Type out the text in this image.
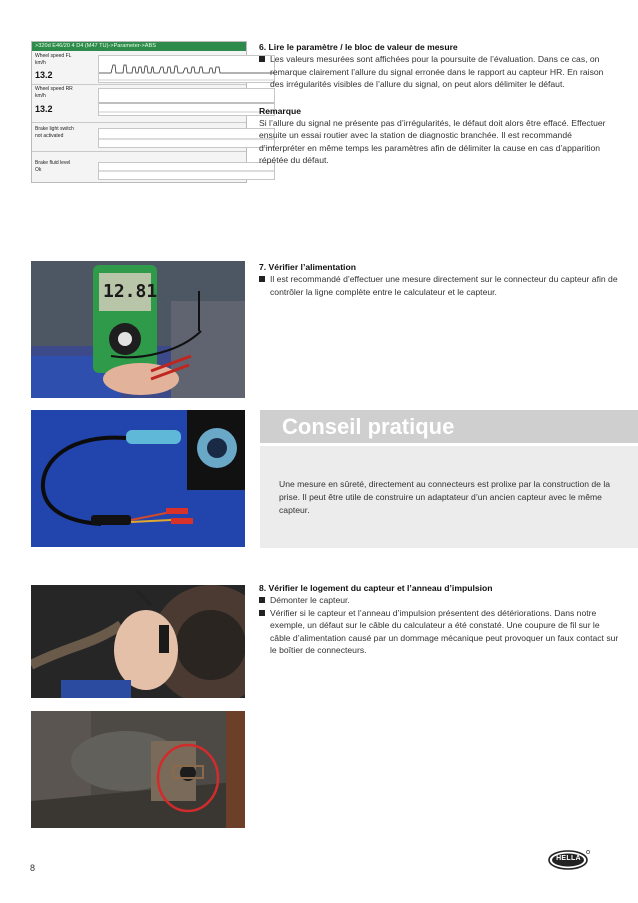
>320d E46/20 4 D4 (M47 TU)->Parameter->ABS
Wheel speed FL
km/h
13.2
Wheel speed RR
km/h
13.2
Brake light switch
not activated
Brake fluid level
Ok
6. Lire le paramètre / le bloc de valeur de mesure
Les valeurs mesurées sont affichées pour la poursuite de l’évaluation. Dans ce cas, on remarque clairement l’allure du signal erronée dans le rapport au capteur HR. En raison des irrégularités visibles de l’allure du signal, on peut alors délimiter le défaut.
Remarque
Si l’allure du signal ne présente pas d’irrégularités, le défaut doit alors être effacé. Effectuer ensuite un essai routier avec la station de diagnostic branchée. Il est recommandé d’interpréter en même temps les paramètres afin de délimiter la cause en cas d’apparition répétée du défaut.
12.81
7. Vérifier l’alimentation
Il est recommandé d’effectuer une mesure directement sur le connecteur du capteur afin de contrôler la ligne complète entre le calculateur et le capteur.
Conseil pratique
Une mesure en sûreté, directement au connecteurs est prolixe par la construction de la prise. Il peut être utile de construire un adaptateur d’un ancien capteur avec le même capteur.
8. Vérifier le logement du capteur et l’anneau d’impulsion
Démonter le capteur.
Vérifier si le capteur et l’anneau d’impulsion présentent des détériorations. Dans notre exemple, un défaut sur le câble du calculateur a été constaté. Une coupure de fil sur le câble d’alimentation causé par un dommage mécanique peut provoquer un faux contact sur le boîtier de connecteurs.
8
HELLA
